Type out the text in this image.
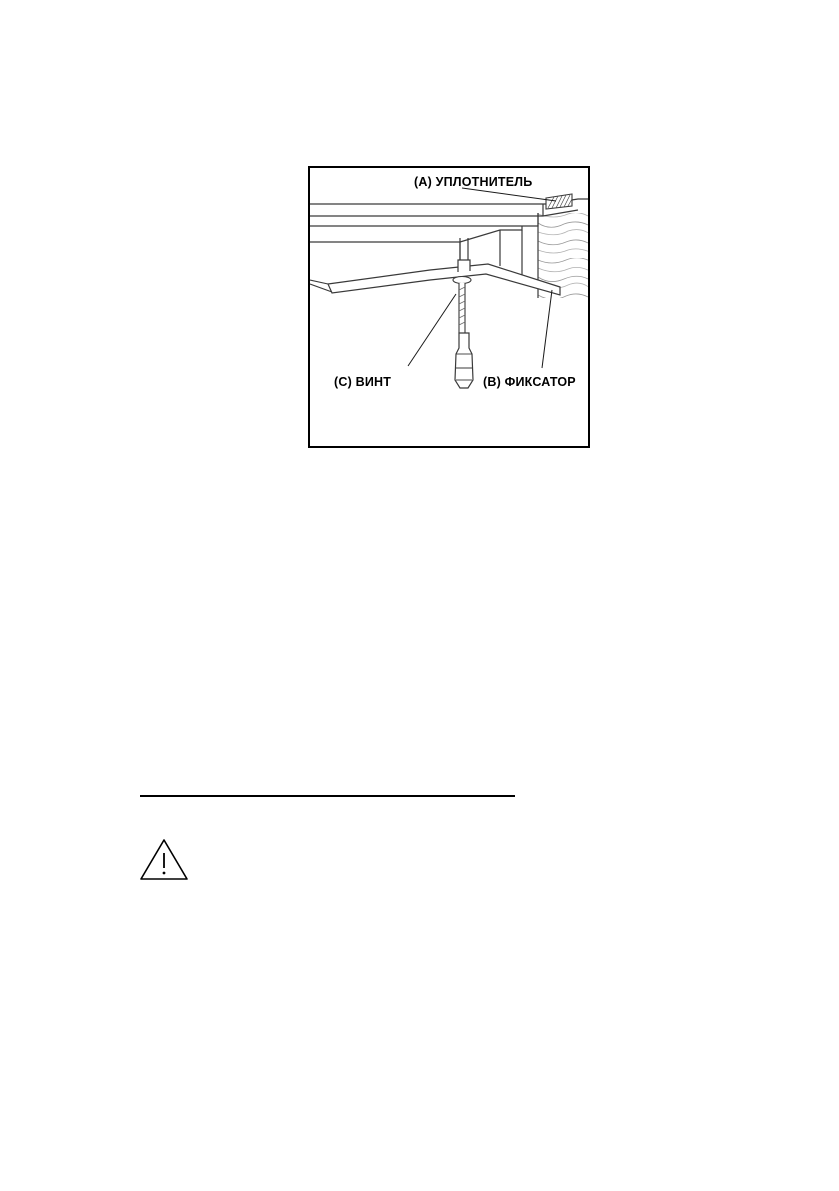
(A) УПЛОТНИТЕЛЬ
(B) ФИКСАТОР
(C) ВИНТ
